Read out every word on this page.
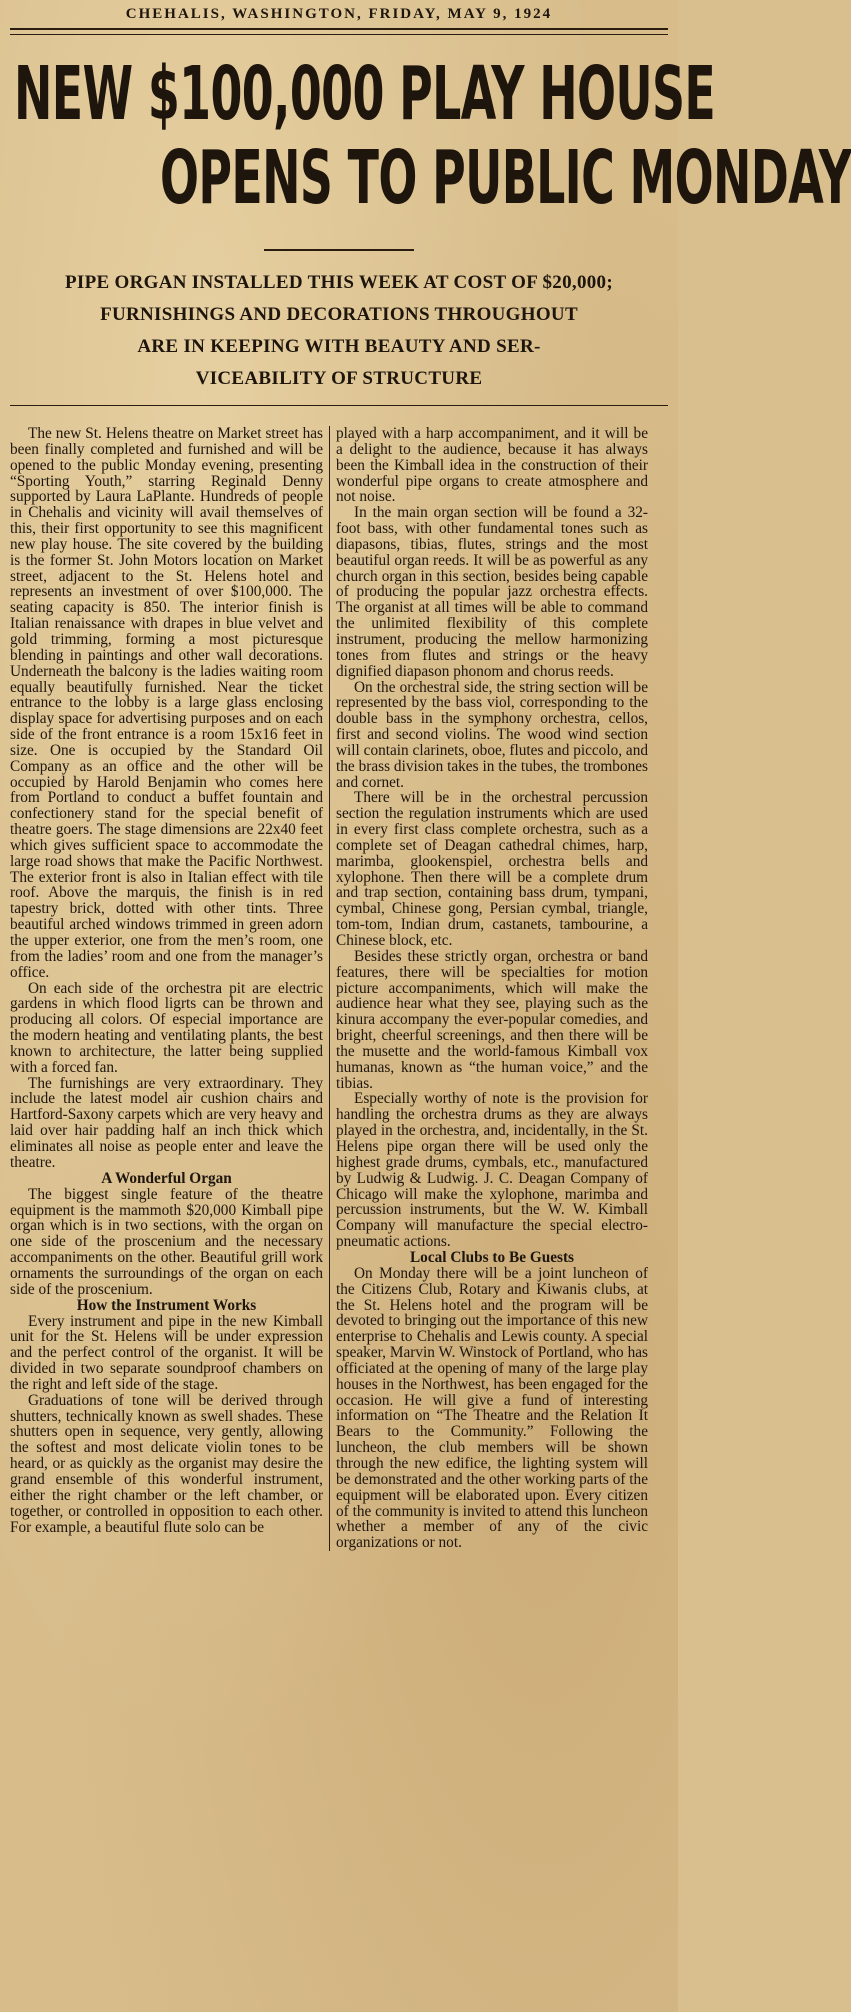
CHEHALIS, WASHINGTON, FRIDAY, MAY 9, 1924
NEW $100,000 PLAY HOUSE
OPENS TO PUBLIC MONDAY
PIPE ORGAN INSTALLED THIS WEEK AT COST OF $20,000;
FURNISHINGS AND DECORATIONS THROUGHOUT
ARE IN KEEPING WITH BEAUTY AND SER-
VICEABILITY OF STRUCTURE

The new St. Helens theatre on Market street has been finally completed and furnished and will be opened to the public Monday evening, presenting “Sporting Youth,” starring Reginald Denny supported by Laura LaPlante. Hundreds of people in Chehalis and vicinity will avail themselves of this, their first opportunity to see this magnificent new play house. The site covered by the building is the former St. John Motors location on Market street, adjacent to the St. Helens hotel and represents an investment of over $100,000. The seating capacity is 850. The interior finish is Italian renaissance with drapes in blue velvet and gold trimming, forming a most picturesque blending in paintings and other wall decorations. Underneath the balcony is the ladies waiting room equally beautifully furnished. Near the ticket entrance to the lobby is a large glass enclosing display space for advertising purposes and on each side of the front entrance is a room 15x16 feet in size. One is occupied by the Standard Oil Company as an office and the other will be occupied by Harold Benjamin who comes here from Portland to conduct a buffet fountain and confectionery stand for the special benefit of theatre goers. The stage dimensions are 22x40 feet which gives sufficient space to accommodate the large road shows that make the Pacific Northwest. The exterior front is also in Italian effect with tile roof. Above the marquis, the finish is in red tapestry brick, dotted with other tints. Three beautiful arched windows trimmed in green adorn the upper exterior, one from the men’s room, one from the ladies’ room and one from the manager’s office.

On each side of the orchestra pit are electric gardens in which flood ligrts can be thrown and producing all colors. Of especial importance are the modern heating and ventilating plants, the best known to architecture, the latter being supplied with a forced fan.

The furnishings are very extraordinary. They include the latest model air cushion chairs and Hartford-Saxony carpets which are very heavy and laid over hair padding half an inch thick which eliminates all noise as people enter and leave the theatre.

A Wonderful Organ

The biggest single feature of the theatre equipment is the mammoth $20,000 Kimball pipe organ which is in two sections, with the organ on one side of the proscenium and the necessary accompaniments on the other. Beautiful grill work ornaments the surroundings of the organ on each side of the proscenium.

How the Instrument Works

Every instrument and pipe in the new Kimball unit for the St. Helens will be under expression and the perfect control of the organist. It will be divided in two separate soundproof chambers on the right and left side of the stage.

Graduations of tone will be derived through shutters, technically known as swell shades. These shutters open in sequence, very gently, allowing the softest and most delicate violin tones to be heard, or as quickly as the organist may desire the grand ensemble of this wonderful instrument, either the right chamber or the left chamber, or together, or controlled in opposition to each other. For example, a beautiful flute solo can be

played with a harp accompaniment, and it will be a delight to the audience, because it has always been the Kimball idea in the construction of their wonderful pipe organs to create atmosphere and not noise.

In the main organ section will be found a 32-foot bass, with other fundamental tones such as diapasons, tibias, flutes, strings and the most beautiful organ reeds. It will be as powerful as any church organ in this section, besides being capable of producing the popular jazz orchestra effects. The organist at all times will be able to command the unlimited flexibility of this complete instrument, producing the mellow harmonizing tones from flutes and strings or the heavy dignified diapason phonom and chorus reeds.

On the orchestral side, the string section will be represented by the bass viol, corresponding to the double bass in the symphony orchestra, cellos, first and second violins. The wood wind section will contain clarinets, oboe, flutes and piccolo, and the brass division takes in the tubes, the trombones and cornet.

There will be in the orchestral percussion section the regulation instruments which are used in every first class complete orchestra, such as a complete set of Deagan cathedral chimes, harp, marimba, glookenspiel, orchestra bells and xylophone. Then there will be a complete drum and trap section, containing bass drum, tympani, cymbal, Chinese gong, Persian cymbal, triangle, tom-tom, Indian drum, castanets, tambourine, a Chinese block, etc.

Besides these strictly organ, orchestra or band features, there will be specialties for motion picture accompaniments, which will make the audience hear what they see, playing such as the kinura accompany the ever-popular comedies, and bright, cheerful screenings, and then there will be the musette and the world-famous Kimball vox humanas, known as “the human voice,” and the tibias.

Especially worthy of note is the provision for handling the orchestra drums as they are always played in the orchestra, and, incidentally, in the St. Helens pipe organ there will be used only the highest grade drums, cymbals, etc., manufactured by Ludwig & Ludwig. J. C. Deagan Company of Chicago will make the xylophone, marimba and percussion instruments, but the W. W. Kimball Company will manufacture the special electro-pneumatic actions.

Local Clubs to Be Guests

On Monday there will be a joint luncheon of the Citizens Club, Rotary and Kiwanis clubs, at the St. Helens hotel and the program will be devoted to bringing out the importance of this new enterprise to Chehalis and Lewis county. A special speaker, Marvin W. Winstock of Portland, who has officiated at the opening of many of the large play houses in the Northwest, has been engaged for the occasion. He will give a fund of interesting information on “The Theatre and the Relation It Bears to the Community.” Following the luncheon, the club members will be shown through the new edifice, the lighting system will be demonstrated and the other working parts of the equipment will be elaborated upon. Every citizen of the community is invited to attend this luncheon whether a member of any of the civic organizations or not.
